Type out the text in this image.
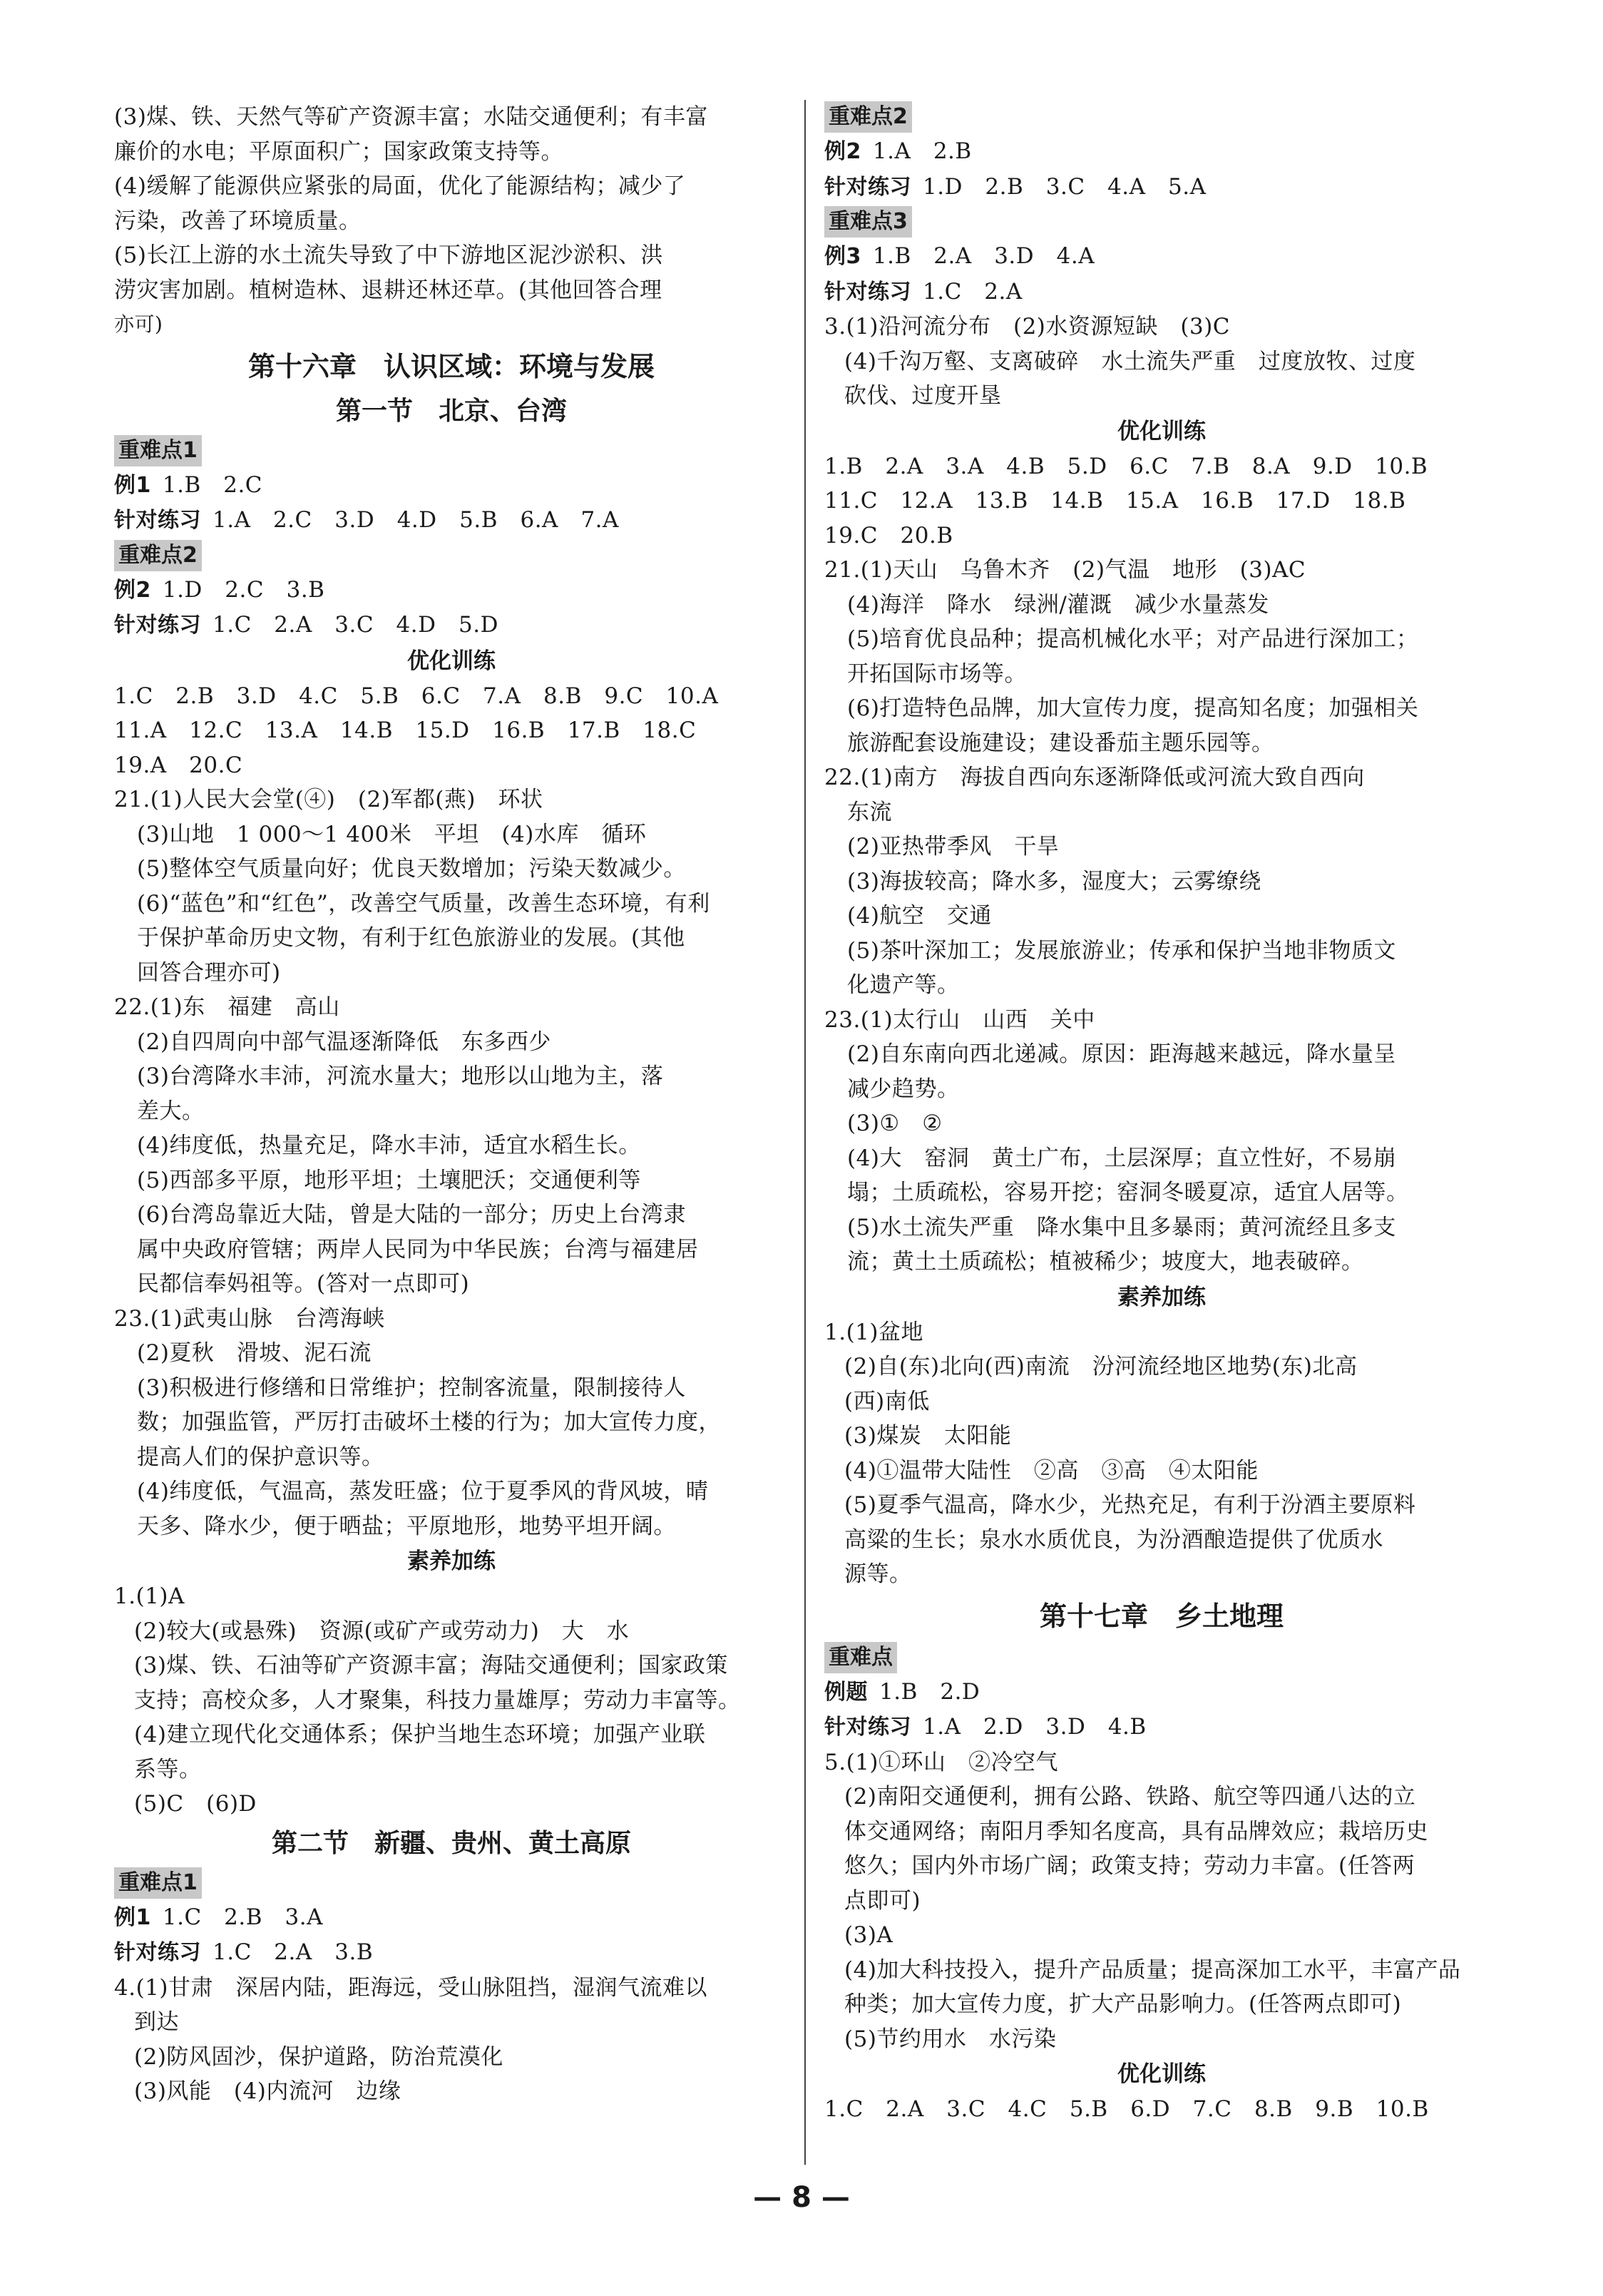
(3)煤、铁、天然气等矿产资源丰富；水陆交通便利；有丰富
廉价的水电；平原面积广；国家政策支持等。
(4)缓解了能源供应紧张的局面，优化了能源结构；减少了
污染，改善了环境质量。
(5)长江上游的水土流失导致了中下游地区泥沙淤积、洪
涝灾害加剧。植树造林、退耕还林还草。(其他回答合理
亦可)
第十六章　认识区域：环境与发展
第一节　北京、台湾
重难点1
例1  1.B　2.C
针对练习  1.A　2.C　3.D　4.D　5.B　6.A　7.A
重难点2
例2  1.D　2.C　3.B
针对练习  1.C　2.A　3.C　4.D　5.D
优化训练
1.C　2.B　3.D　4.C　5.B　6.C　7.A　8.B　9.C　10.A
11.A　12.C　13.A　14.B　15.D　16.B　17.B　18.C
19.A　20.C
21.(1)人民大会堂(④)　(2)军都(燕)　环状
(3)山地　1 000～1 400米　平坦　(4)水库　循环
(5)整体空气质量向好；优良天数增加；污染天数减少。
(6)“蓝色”和“红色”，改善空气质量，改善生态环境，有利
于保护革命历史文物，有利于红色旅游业的发展。(其他
回答合理亦可)
22.(1)东　福建　高山
(2)自四周向中部气温逐渐降低　东多西少
(3)台湾降水丰沛，河流水量大；地形以山地为主，落
差大。
(4)纬度低，热量充足，降水丰沛，适宜水稻生长。
(5)西部多平原，地形平坦；土壤肥沃；交通便利等
(6)台湾岛靠近大陆，曾是大陆的一部分；历史上台湾隶
属中央政府管辖；两岸人民同为中华民族；台湾与福建居
民都信奉妈祖等。(答对一点即可)
23.(1)武夷山脉　台湾海峡
(2)夏秋　滑坡、泥石流
(3)积极进行修缮和日常维护；控制客流量，限制接待人
数；加强监管，严厉打击破坏土楼的行为；加大宣传力度，
提高人们的保护意识等。
(4)纬度低，气温高，蒸发旺盛；位于夏季风的背风坡，晴
天多、降水少，便于晒盐；平原地形，地势平坦开阔。
素养加练
1.(1)A
(2)较大(或悬殊)　资源(或矿产或劳动力)　大　水
(3)煤、铁、石油等矿产资源丰富；海陆交通便利；国家政策
支持；高校众多，人才聚集，科技力量雄厚；劳动力丰富等。
(4)建立现代化交通体系；保护当地生态环境；加强产业联
系等。
(5)C　(6)D
第二节　新疆、贵州、黄土高原
重难点1
例1  1.C　2.B　3.A
针对练习  1.C　2.A　3.B
4.(1)甘肃　深居内陆，距海远，受山脉阻挡，湿润气流难以
到达
(2)防风固沙，保护道路，防治荒漠化
(3)风能　(4)内流河　边缘
重难点2
例2  1.A　2.B
针对练习  1.D　2.B　3.C　4.A　5.A
重难点3
例3  1.B　2.A　3.D　4.A
针对练习  1.C　2.A
3.(1)沿河流分布　(2)水资源短缺　(3)C
(4)千沟万壑、支离破碎　水土流失严重　过度放牧、过度
砍伐、过度开垦
优化训练
1.B　2.A　3.A　4.B　5.D　6.C　7.B　8.A　9.D　10.B
11.C　12.A　13.B　14.B　15.A　16.B　17.D　18.B
19.C　20.B
21.(1)天山　乌鲁木齐　(2)气温　地形　(3)AC
(4)海洋　降水　绿洲/灌溉　减少水量蒸发
(5)培育优良品种；提高机械化水平；对产品进行深加工；
开拓国际市场等。
(6)打造特色品牌，加大宣传力度，提高知名度；加强相关
旅游配套设施建设；建设番茄主题乐园等。
22.(1)南方　海拔自西向东逐渐降低或河流大致自西向
东流
(2)亚热带季风　干旱
(3)海拔较高；降水多，湿度大；云雾缭绕
(4)航空　交通
(5)茶叶深加工；发展旅游业；传承和保护当地非物质文
化遗产等。
23.(1)太行山　山西　关中
(2)自东南向西北递减。原因：距海越来越远，降水量呈
减少趋势。
(3)①　②
(4)大　窑洞　黄土广布，土层深厚；直立性好，不易崩
塌；土质疏松，容易开挖；窑洞冬暖夏凉，适宜人居等。
(5)水土流失严重　降水集中且多暴雨；黄河流经且多支
流；黄土土质疏松；植被稀少；坡度大，地表破碎。
素养加练
1.(1)盆地
(2)自(东)北向(西)南流　汾河流经地区地势(东)北高
(西)南低
(3)煤炭　太阳能
(4)①温带大陆性　②高　③高　④太阳能
(5)夏季气温高，降水少，光热充足，有利于汾酒主要原料
高粱的生长；泉水水质优良，为汾酒酿造提供了优质水
源等。
第十七章　乡土地理
重难点
例题  1.B　2.D
针对练习  1.A　2.D　3.D　4.B
5.(1)①环山　②冷空气
(2)南阳交通便利，拥有公路、铁路、航空等四通八达的立
体交通网络；南阳月季知名度高，具有品牌效应；栽培历史
悠久；国内外市场广阔；政策支持；劳动力丰富。(任答两
点即可)
(3)A
(4)加大科技投入，提升产品质量；提高深加工水平，丰富产品
种类；加大宣传力度，扩大产品影响力。(任答两点即可)
(5)节约用水　水污染
优化训练
1.C　2.A　3.C　4.C　5.B　6.D　7.C　8.B　9.B　10.B
— 8 —
